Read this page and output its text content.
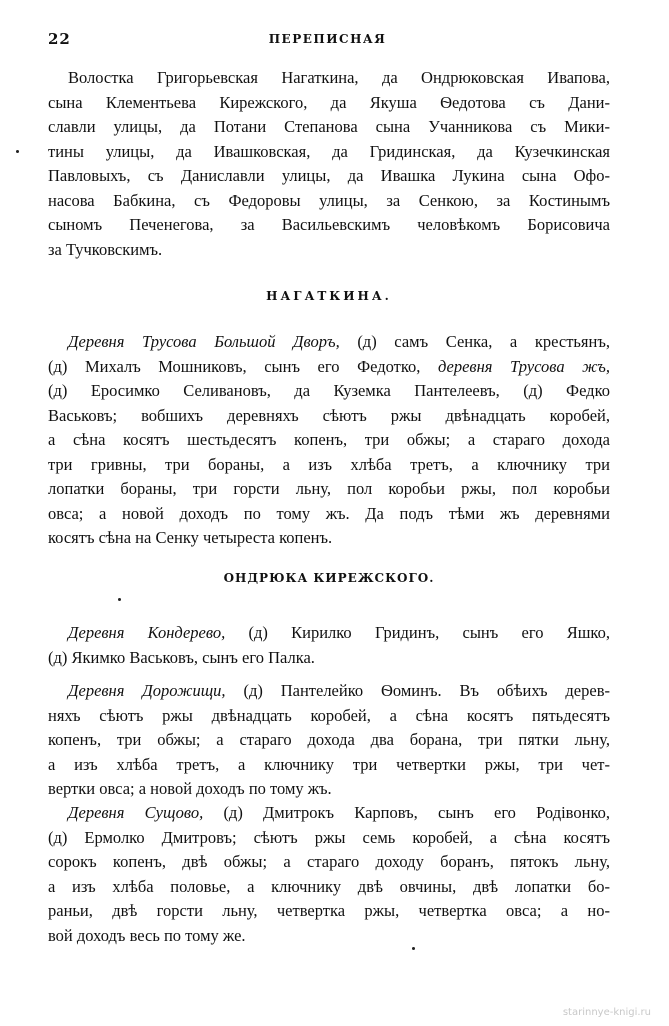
22	ПЕРЕПИСНАЯ
Волостка Григорьевская Нагаткина, да Ондрюковская Ивапова,
сына Клементьева Кирежского, да Якуша Ѳедотова съ Дани-
славли улицы, да Потани Степанова сына Учанникова съ Мики-
тины улицы, да Ивашковская, да Гридинская, да Кузечкинская
Павловыхъ, съ Даниславли улицы, да Ивашка Лукина сына Офо-
насова Бабкина, съ Федоровы улицы, за Сенкою, за Костинымъ
сыномъ Печенегова, за Васильевскимъ человѣкомъ Борисовича
за Тучковскимъ.
НАГАТКИНА.
Деревня Трусова Большой Дворъ, (д) самъ Сенка, а крестьянъ,
(д) Михалъ Мошниковъ, сынъ его Федотко, деревня Трусова жъ,
(д) Еросимко Селивановъ, да Куземка Пантелеевъ, (д) Федко
Васьковъ; вобшихъ деревняхъ сѣютъ ржы двѣнадцать коробей,
а сѣна косятъ шестьдесятъ копенъ, три обжы; а стараго дохода
три гривны, три бораны, а изъ хлѣба третъ, а ключнику три
лопатки бораны, три горсти льну, пол коробьи ржы, пол коробьи
овса; а новой доходъ по тому жъ. Да подъ тѣми жъ деревнями
косятъ сѣна на Сенку четыреста копенъ.
ОНДРЮКА КИРЕЖСКОГО.
Деревня Кондерево, (д) Кирилко Гридинъ, сынъ его Яшко,
(д) Якимко Васьковъ, сынъ его Палка.
Деревня Дорожищи, (д) Пантелейко Ѳоминъ. Въ обѣихъ дерев-
няхъ сѣютъ ржы двѣнадцать коробей, а сѣна косятъ пятьдесятъ
копенъ, три обжы; а стараго дохода два борана, три пятки льну,
а изъ хлѣба третъ, а ключнику три четвертки ржы, три чет-
вертки овса; а новой доходъ по тому жъ.
Деревня Сущово, (д) Дмитрокъ Карповъ, сынъ его Родівонко,
(д) Ермолко Дмитровъ; сѣютъ ржы семь коробей, а сѣна косятъ
сорокъ копенъ, двѣ обжы; а стараго доходу боранъ, пятокъ льну,
а изъ хлѣба половье, а ключнику двѣ овчины, двѣ лопатки бо-
раньи, двѣ горсти льну, четвертка ржы, четвертка овса; а но-
вой доходъ весь по тому же.
starinnye-knigi.ru
